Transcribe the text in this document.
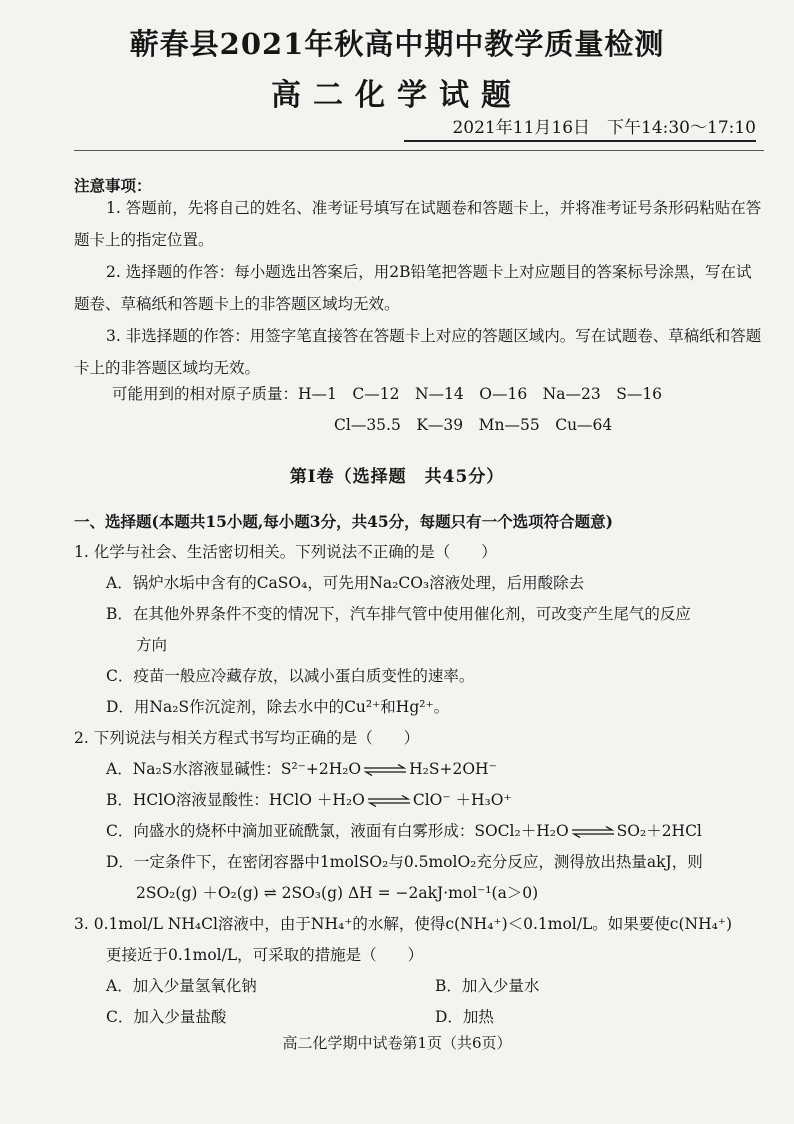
蕲春县2021年秋高中期中教学质量检测
高二化学试题
2021年11月16日　下午14:30～17:10
注意事项：

1. 答题前，先将自己的姓名、准考证号填写在试题卷和答题卡上，并将准考证号条形码粘贴在答题卡上的指定位置。

2. 选择题的作答：每小题选出答案后，用2B铅笔把答题卡上对应题目的答案标号涂黑，写在试题卷、草稿纸和答题卡上的非答题区域均无效。

3. 非选择题的作答：用签字笔直接答在答题卡上对应的答题区域内。写在试题卷、草稿纸和答题卡上的非答题区域均无效。

可能用到的相对原子质量：H—1　C—12　N—14　O—16　Na—23　S—16
Cl—35.5　K—39　Mn—55　Cu—64
第Ⅰ卷（选择题　共45分）
一、选择题(本题共15小题,每小题3分，共45分，每题只有一个选项符合题意)
1. 化学与社会、生活密切相关。下列说法不正确的是（　　）
A．锅炉水垢中含有的CaSO₄，可先用Na₂CO₃溶液处理，后用酸除去
B．在其他外界条件不变的情况下，汽车排气管中使用催化剂，可改变产生尾气的反应
方向
C．疫苗一般应冷藏存放，以减小蛋白质变性的速率。
D．用Na₂S作沉淀剂，除去水中的Cu²⁺和Hg²⁺。
2. 下列说法与相关方程式书写均正确的是（　　）
A．Na₂S水溶液显碱性：S²⁻+2H₂O ⇌ H₂S+2OH⁻
B．HClO溶液显酸性：HClO ＋H₂O ⇌ ClO⁻ ＋H₃O⁺
C．向盛水的烧杯中滴加亚硫酰氯，液面有白雾形成：SOCl₂＋H₂O ⇌ SO₂＋2HCl
D．一定条件下，在密闭容器中1molSO₂与0.5molO₂充分反应，测得放出热量akJ，则
2SO₂(g) ＋O₂(g) ⇌ 2SO₃(g) ΔH = −2akJ·mol⁻¹(a＞0)
3. 0.1mol/L NH₄Cl溶液中，由于NH₄⁺的水解，使得c(NH₄⁺)＜0.1mol/L。如果要使c(NH₄⁺)
更接近于0.1mol/L，可采取的措施是（　　）
A．加入少量氢氧化钠	B．加入少量水
C．加入少量盐酸	D．加热
高二化学期中试卷第1页（共6页）
